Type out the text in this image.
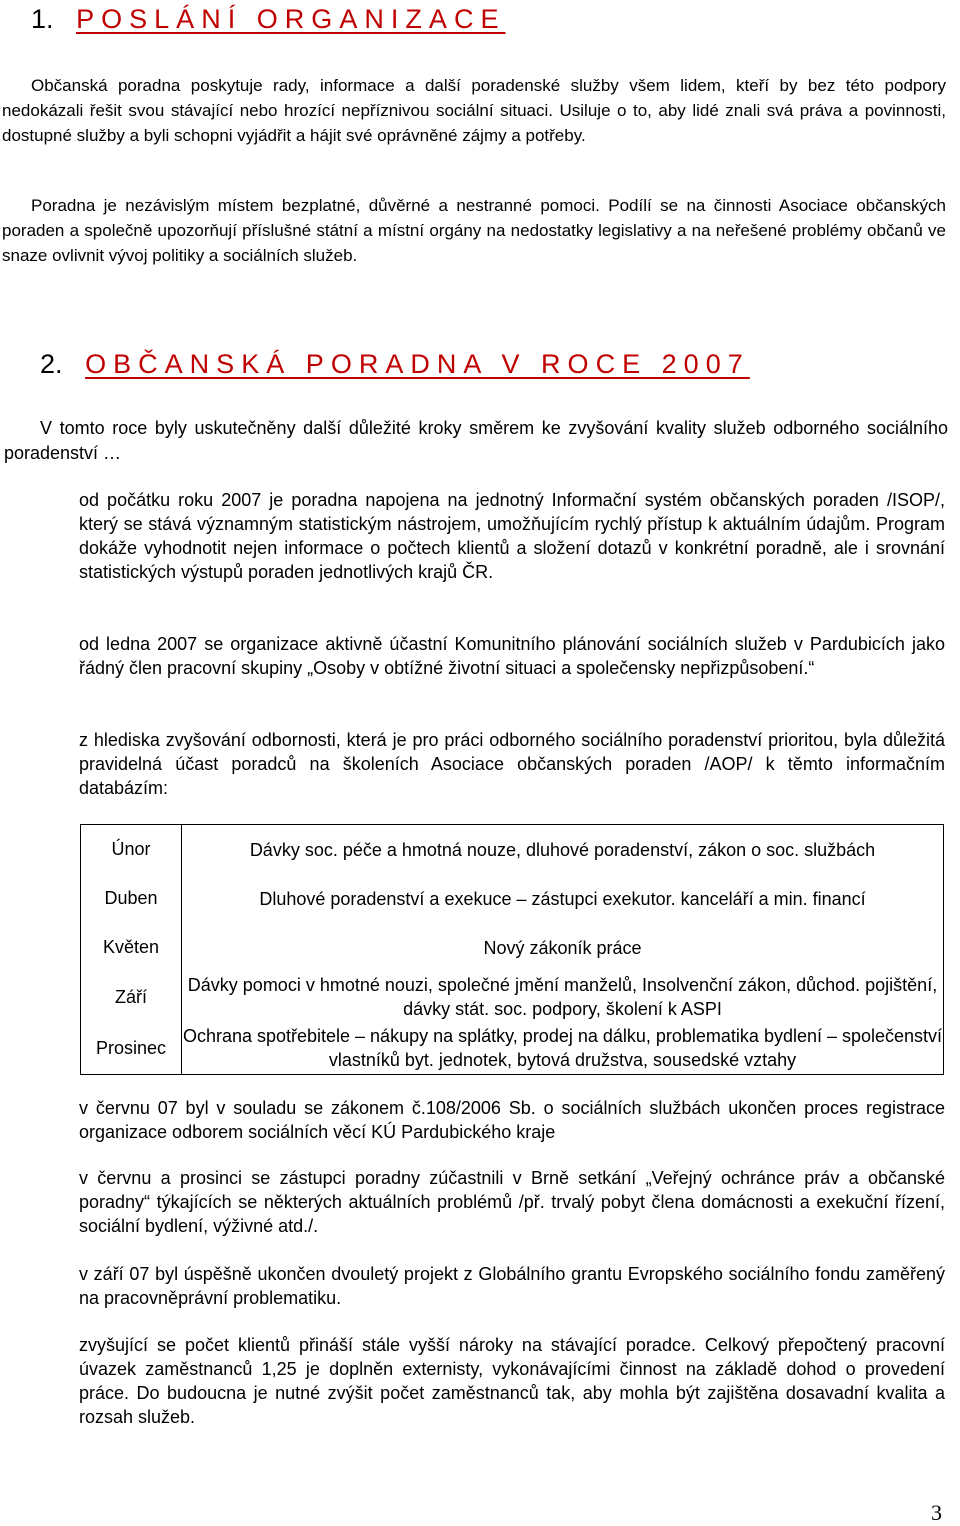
1. POSLÁNÍ ORGANIZACE
Občanská poradna poskytuje rady, informace a další poradenské služby všem lidem, kteří by bez této podpory nedokázali řešit svou stávající nebo hrozící nepříznivou sociální situaci. Usiluje o to, aby lidé znali svá práva a povinnosti, dostupné služby a byli schopni vyjádřit a hájit své oprávněné zájmy a potřeby.
Poradna je nezávislým místem bezplatné, důvěrné a nestranné pomoci. Podílí se na činnosti Asociace občanských poraden a společně upozorňují příslušné státní a místní orgány na nedostatky legislativy a na neřešené problémy občanů ve snaze ovlivnit vývoj politiky a sociálních služeb.
2. OBČANSKÁ PORADNA V ROCE 2007
V tomto roce byly uskutečněny další důležité kroky směrem ke zvyšování kvality služeb odborného sociálního poradenství …
od počátku roku 2007 je poradna napojena na jednotný Informační systém občanských poraden /ISOP/, který se stává významným statistickým nástrojem, umožňujícím rychlý přístup k aktuálním údajům. Program dokáže vyhodnotit nejen informace o počtech klientů a složení dotazů v konkrétní poradně, ale i srovnání statistických výstupů poraden jednotlivých krajů ČR.
od ledna 2007 se organizace aktivně účastní Komunitního plánování sociálních služeb v Pardubicích jako řádný člen pracovní skupiny „Osoby v obtížné životní situaci a společensky nepřizpůsobení.“
z hlediska zvyšování odbornosti, která je pro práci odborného sociálního poradenství prioritou, byla důležitá pravidelná účast poradců na školeních Asociace občanských poraden /AOP/ k těmto informačním databázím:
Únor	Dávky soc. péče a hmotná nouze, dluhové poradenství, zákon o soc. službách
Duben	Dluhové poradenství a exekuce – zástupci exekutor. kanceláří a min. financí
Květen	Nový zákoník práce
Září	Dávky pomoci v hmotné nouzi, společné jmění manželů, Insolvenční zákon, důchod. pojištění, dávky stát. soc. podpory, školení k ASPI
Prosinec	Ochrana spotřebitele – nákupy na splátky, prodej na dálku, problematika bydlení – společenství vlastníků byt. jednotek, bytová družstva, sousedské vztahy
v červnu 07 byl v souladu se zákonem č.108/2006 Sb. o sociálních službách ukončen proces registrace organizace odborem sociálních věcí KÚ Pardubického kraje
v červnu a prosinci se zástupci poradny zúčastnili v Brně setkání „Veřejný ochránce práv a občanské poradny“ týkajících se některých aktuálních problémů /př. trvalý pobyt člena domácnosti a exekuční řízení, sociální bydlení, výživné atd./.
v září 07 byl úspěšně ukončen dvouletý projekt z Globálního grantu Evropského sociálního fondu zaměřený na pracovněprávní problematiku.
zvyšující se počet klientů přináší stále vyšší nároky na stávající poradce. Celkový přepočtený pracovní úvazek zaměstnanců 1,25 je doplněn externisty, vykonávajícími činnost na základě dohod o provedení práce. Do budoucna je nutné zvýšit počet zaměstnanců tak, aby mohla být zajištěna dosavadní kvalita a rozsah služeb.
3
